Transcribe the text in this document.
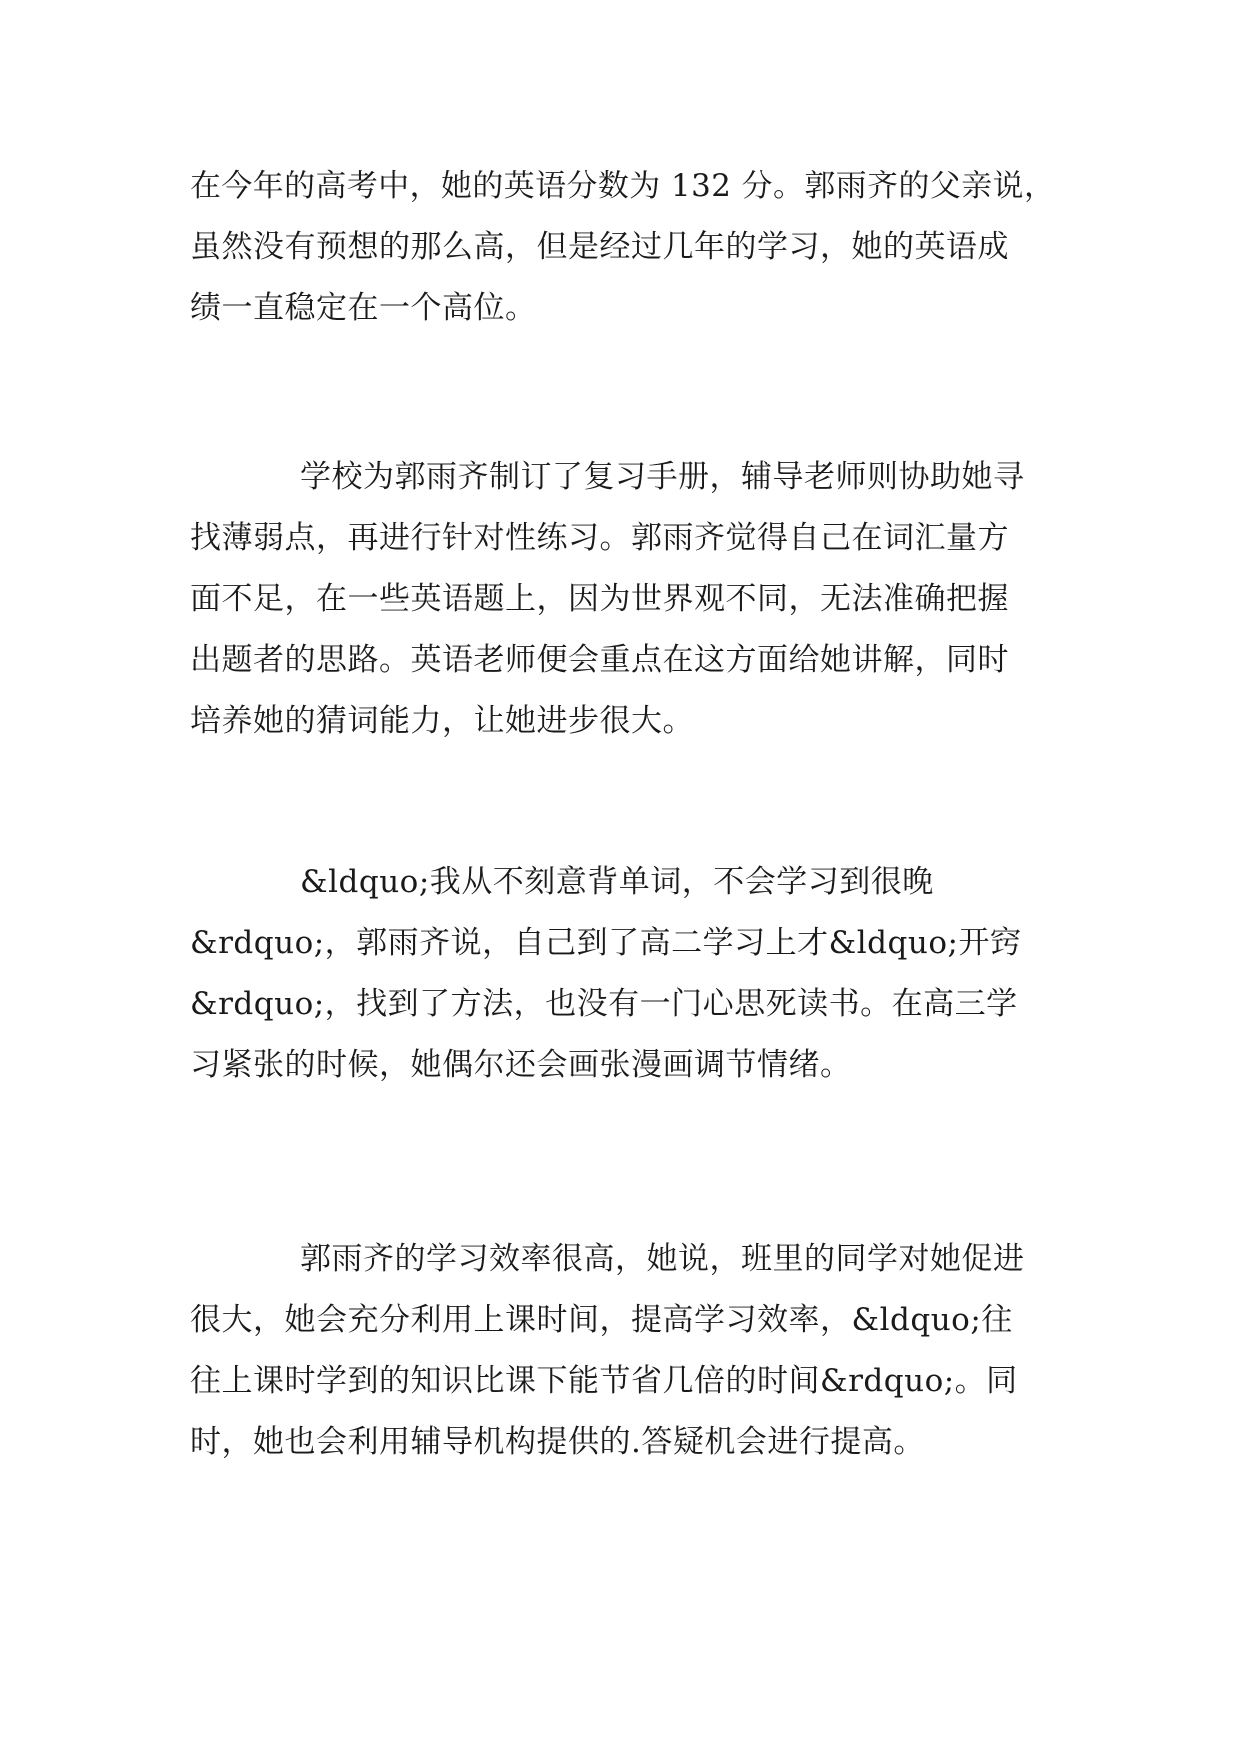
在今年的高考中，她的英语分数为 132 分。郭雨齐的父亲说，
虽然没有预想的那么高，但是经过几年的学习，她的英语成
绩一直稳定在一个高位。
学校为郭雨齐制订了复习手册，辅导老师则协助她寻
找薄弱点，再进行针对性练习。郭雨齐觉得自己在词汇量方
面不足，在一些英语题上，因为世界观不同，无法准确把握
出题者的思路。英语老师便会重点在这方面给她讲解，同时
培养她的猜词能力，让她进步很大。
&ldquo;我从不刻意背单词，不会学习到很晚
&rdquo;，郭雨齐说，自己到了高二学习上才&ldquo;开窍
&rdquo;，找到了方法，也没有一门心思死读书。在高三学
习紧张的时候，她偶尔还会画张漫画调节情绪。
郭雨齐的学习效率很高，她说，班里的同学对她促进
很大，她会充分利用上课时间，提高学习效率，&ldquo;往
往上课时学到的知识比课下能节省几倍的时间&rdquo;。同
时，她也会利用辅导机构提供的.答疑机会进行提高。
